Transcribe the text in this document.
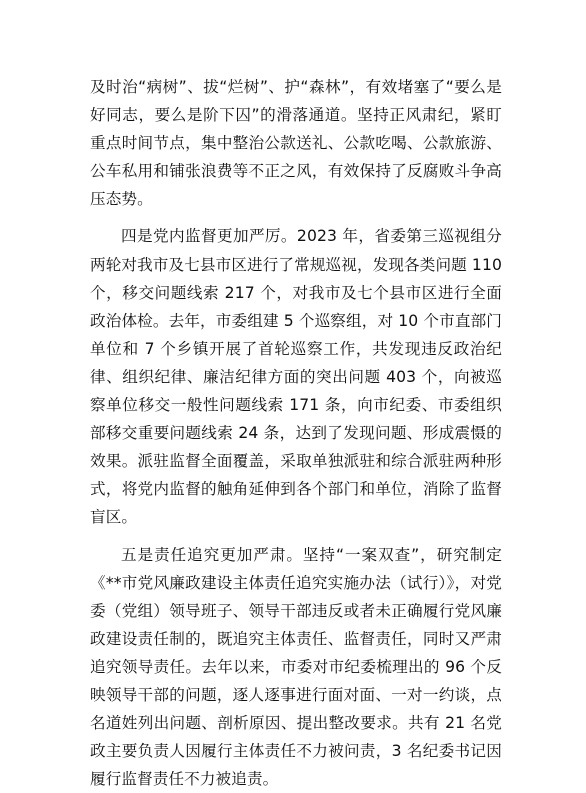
及时治“病树”、拔“烂树”、护“森林”，有效堵塞了“要么是好同志，要么是阶下囚”的滑落通道。坚持正风肃纪，紧盯重点时间节点，集中整治公款送礼、公款吃喝、公款旅游、公车私用和铺张浪费等不正之风，有效保持了反腐败斗争高压态势。

四是党内监督更加严厉。2023 年，省委第三巡视组分两轮对我市及七县市区进行了常规巡视，发现各类问题 110 个，移交问题线索 217 个，对我市及七个县市区进行全面政治体检。去年，市委组建 5 个巡察组，对 10 个市直部门单位和 7 个乡镇开展了首轮巡察工作，共发现违反政治纪律、组织纪律、廉洁纪律方面的突出问题 403 个，向被巡察单位移交一般性问题线索 171 条，向市纪委、市委组织部移交重要问题线索 24 条，达到了发现问题、形成震慑的效果。派驻监督全面覆盖，采取单独派驻和综合派驻两种形式，将党内监督的触角延伸到各个部门和单位，消除了监督盲区。

五是责任追究更加严肃。坚持“一案双查”，研究制定《**市党风廉政建设主体责任追究实施办法（试行）》，对党委（党组）领导班子、领导干部违反或者未正确履行党风廉政建设责任制的，既追究主体责任、监督责任，同时又严肃追究领导责任。去年以来，市委对市纪委梳理出的 96 个反映领导干部的问题，逐人逐事进行面对面、一对一约谈，点名道姓列出问题、剖析原因、提出整改要求。共有 21 名党政主要负责人因履行主体责任不力被问责，3 名纪委书记因履行监督责任不力被追责。
